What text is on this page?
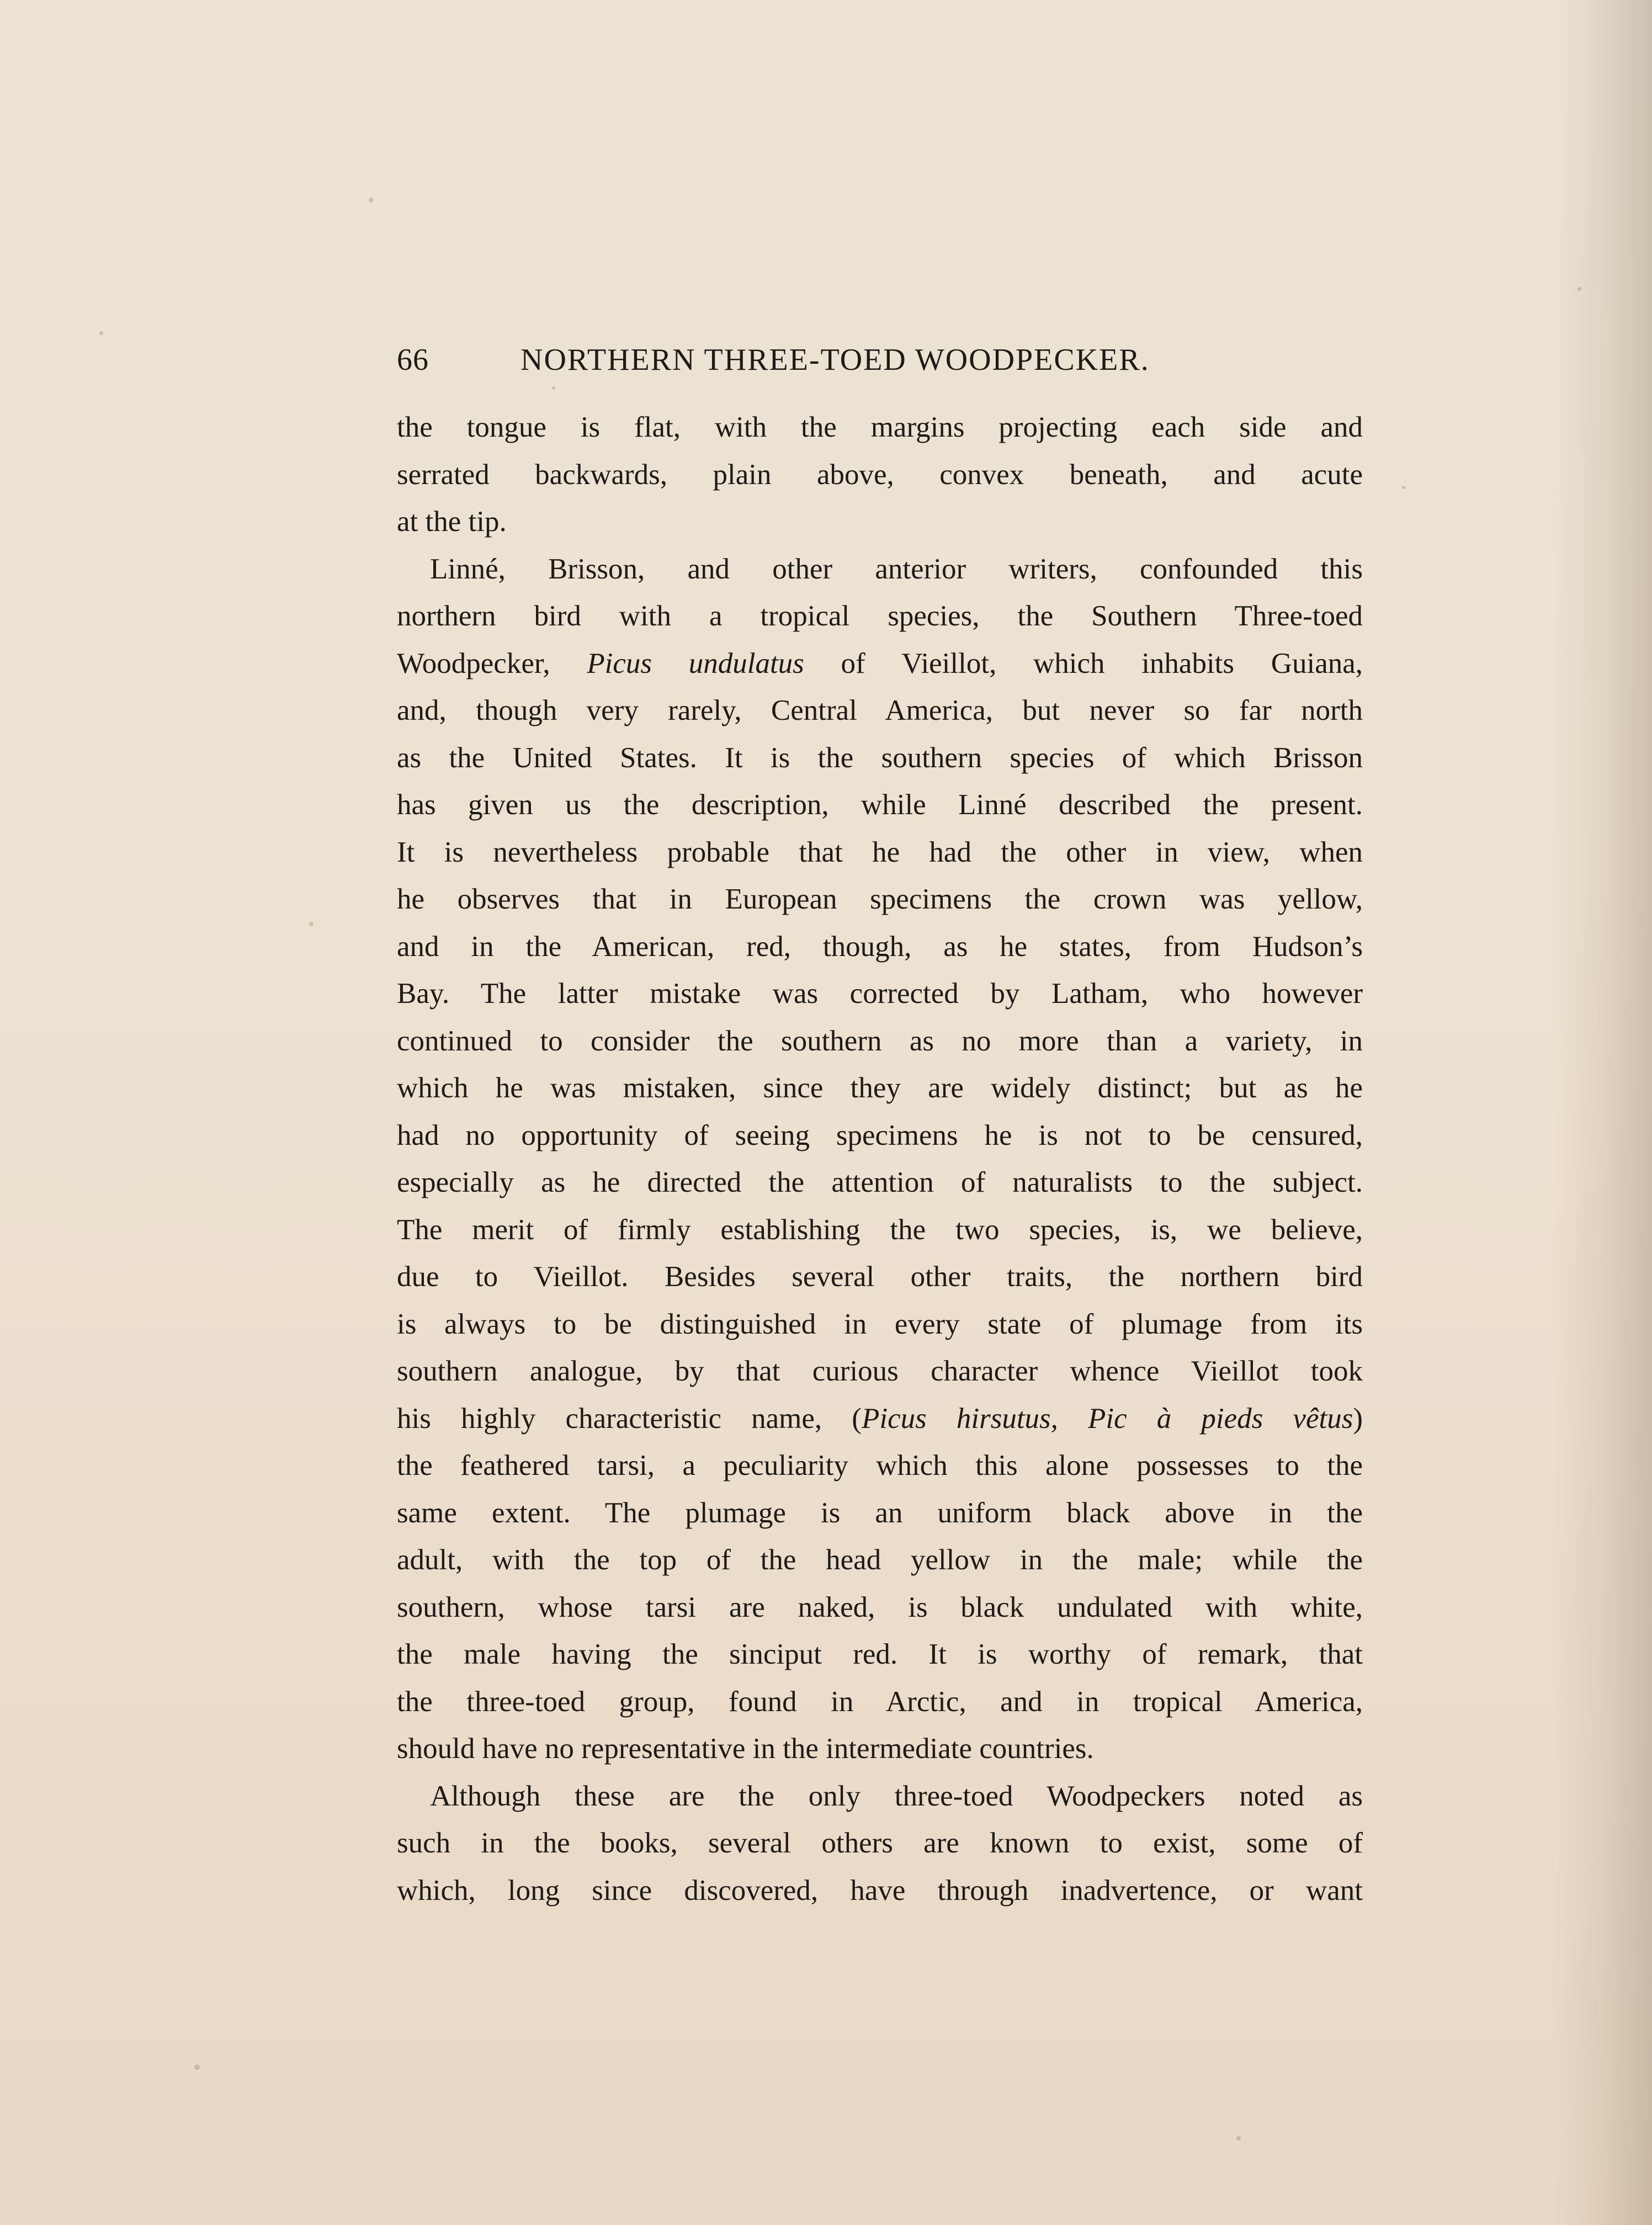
66	NORTHERN THREE-TOED WOODPECKER.
the tongue is flat, with the margins projecting each side and
serrated backwards, plain above, convex beneath, and acute
at the tip.
Linné, Brisson, and other anterior writers, confounded this
northern bird with a tropical species, the Southern Three-toed
Woodpecker, Picus undulatus of Vieillot, which inhabits Guiana,
and, though very rarely, Central America, but never so far north
as the United States. It is the southern species of which Brisson
has given us the description, while Linné described the present.
It is nevertheless probable that he had the other in view, when
he observes that in European specimens the crown was yellow,
and in the American, red, though, as he states, from Hudson’s
Bay. The latter mistake was corrected by Latham, who however
continued to consider the southern as no more than a variety, in
which he was mistaken, since they are widely distinct; but as he
had no opportunity of seeing specimens he is not to be censured,
especially as he directed the attention of naturalists to the subject.
The merit of firmly establishing the two species, is, we believe,
due to Vieillot. Besides several other traits, the northern bird
is always to be distinguished in every state of plumage from its
southern analogue, by that curious character whence Vieillot took
his highly characteristic name, (Picus hirsutus, Pic à pieds vêtus)
the feathered tarsi, a peculiarity which this alone possesses to the
same extent. The plumage is an uniform black above in the
adult, with the top of the head yellow in the male; while the
southern, whose tarsi are naked, is black undulated with white,
the male having the sinciput red. It is worthy of remark, that
the three-toed group, found in Arctic, and in tropical America,
should have no representative in the intermediate countries.
Although these are the only three-toed Woodpeckers noted as
such in the books, several others are known to exist, some of
which, long since discovered, have through inadvertence, or want
